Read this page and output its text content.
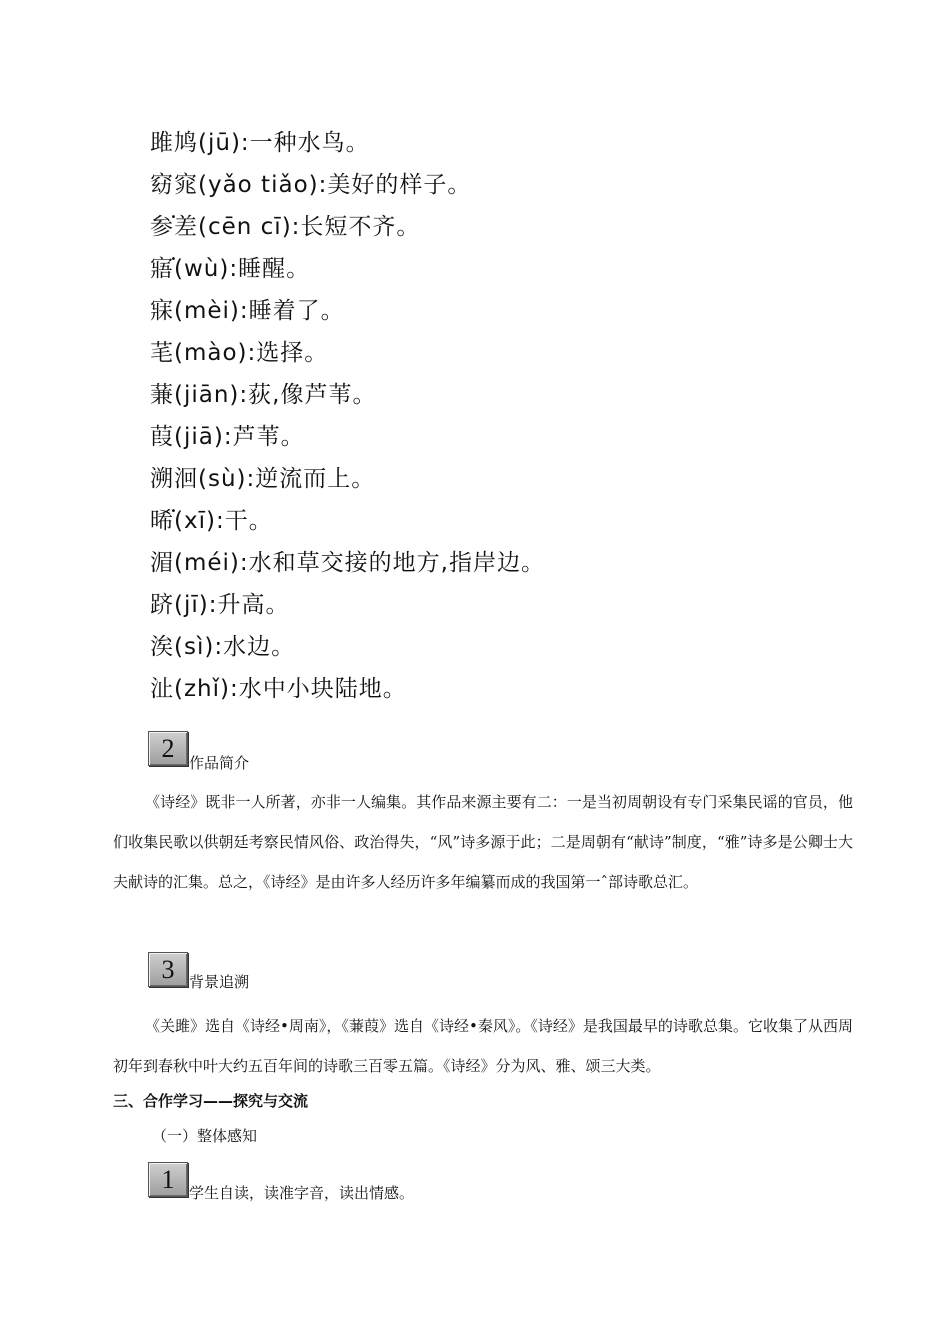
雎鸠(jū):一种水鸟。
窈窕(yǎo tiǎo):美好的样子。
参差(cēn cī):长短不齐。
寤(wù):睡醒。
寐(mèi):睡着了。
芼(mào):选择。
蒹(jiān):荻,像芦苇。
葭(jiā):芦苇。
溯洄(sù):逆流而上。
晞(xī):干。
湄(méi):水和草交接的地方,指岸边。
跻(jī):升高。
涘(sì):水边。
沚(zhǐ):水中小块陆地。
2 作品简介

《诗经》既非一人所著，亦非一人编集。其作品来源主要有二：一是当初周朝设有专门采集民谣的官员，他们收集民歌以供朝廷考察民情风俗、政治得失，“风”诗多源于此；二是周朝有“献诗”制度，“雅”诗多是公卿士大夫献诗的汇集。总之，《诗经》是由许多人经历许多年编纂而成的我国第一ˆ部诗歌总汇。

3 背景追溯

《关雎》选自《诗经•周南》，《蒹葭》选自《诗经•秦风》。《诗经》是我国最早的诗歌总集。它收集了从西周初年到春秋中叶大约五百年间的诗歌三百零五篇。《诗经》分为风、雅、颂三大类。

三、合作学习——探究与交流
（一）整体感知
1 学生自读，读准字音，读出情感。
